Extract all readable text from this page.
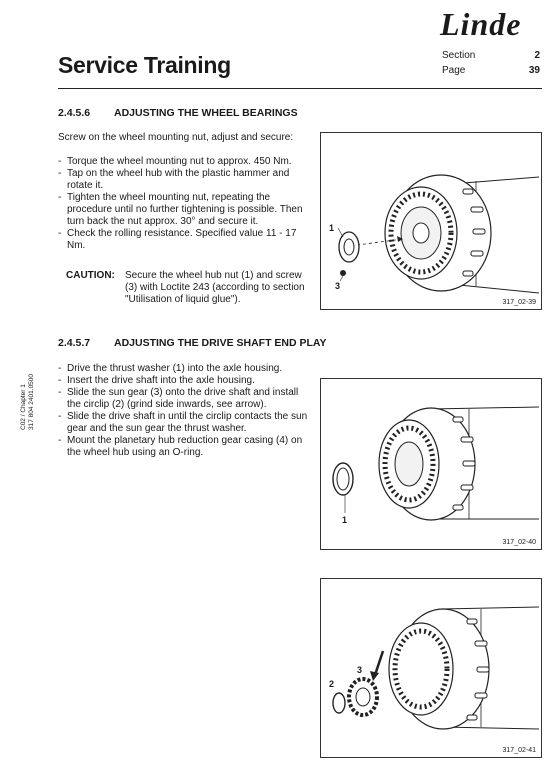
Linde
Service Training	Section	2
Page	39
C02 / Chapter 1 317 804 2401.0500
2.4.5.6 ADJUSTING THE WHEEL BEARINGS
Screw on the wheel mounting nut, adjust and secure:
- Torque the wheel mounting nut to approx. 450 Nm.
- Tap on the wheel hub with the plastic hammer and rotate it.
- Tighten the wheel mounting nut, repeating the procedure until no further tightening is possible. Then turn back the nut approx. 30° and secure it.
- Check the rolling resistance. Specified value 11 - 17 Nm.
CAUTION: Secure the wheel hub nut (1) and screw (3) with Loctite 243 (according to section "Utilisation of liquid glue").
1
3
317_02-39
2.4.5.7 ADJUSTING THE DRIVE SHAFT END PLAY
- Drive the thrust washer (1) into the axle housing.
- Insert the drive shaft into the axle housing.
- Slide the sun gear (3) onto the drive shaft and install the circlip (2) (grind side inwards, see arrow).
- Slide the drive shaft in until the circlip contacts the sun gear and the sun gear the thrust washer.
- Mount the planetary hub reduction gear casing (4) on the wheel hub using an O-ring.
1
317_02-40
2
3
317_02-41
